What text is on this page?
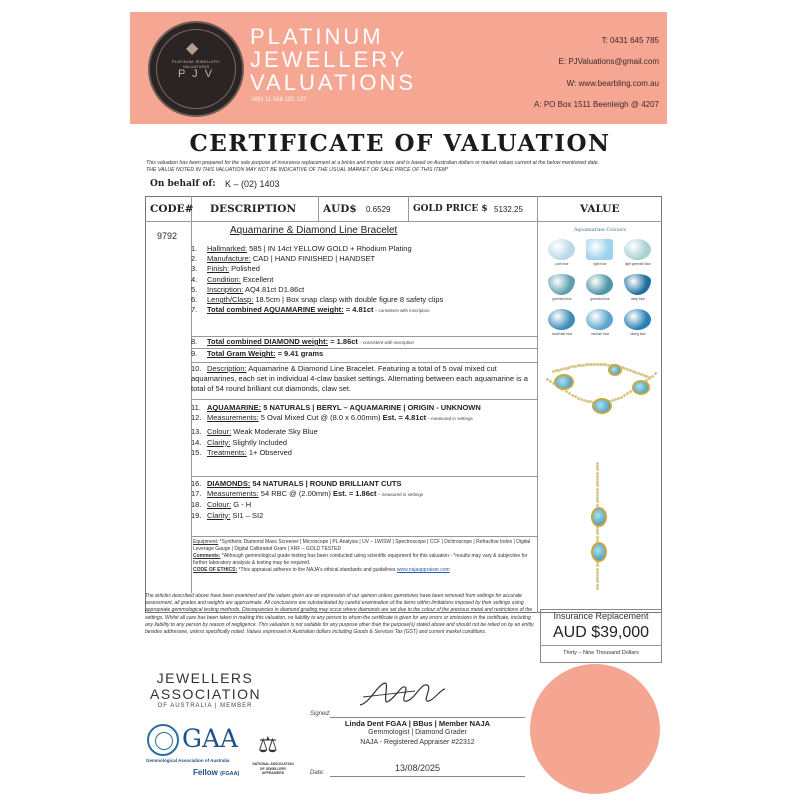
◆
PLATINUM JEWELLERY VALUATIONS
P J V
PLATINUM
JEWELLERY
VALUATIONS
ABN 11 588 192 137
T: 0431 645 785
E: PJValuations@gmail.com
W: www.bearbling.com.au
A: PO Box 1511 Beenleigh @ 4207
CERTIFICATE OF VALUATION
This valuation has been prepared for the sole purpose of insurance replacement at a bricks and mortar store and is based on Australian dollars or market values current at the below mentioned date.
THE VALUE NOTED IN THIS VALUATION MAY NOT BE INDICATIVE OF THE USUAL MARKET OR SALE PRICE OF THIS ITEM*
On behalf of: K – (02) 1403
CODE# DESCRIPTION	AUD$ 0.6529	GOLD PRICE $ 5132.25	VALUE
9792	Aquamarine & Diamond Line Bracelet
1. Hallmarked: 585 | IN 14ct YELLOW GOLD + Rhodium Plating
2. Manufacture: CAD | HAND FINISHED | HANDSET
3. Finish: Polished
4. Condition: Excellent
5. Inscription: AQ4.81ct D1.86ct
6. Length/Clasp: 18.5cm | Box snap clasp with double figure 8 safety clips
7. Total combined AQUAMARINE weight: = 4.81ct – consistent with inscription
8. Total combined DIAMOND weight: = 1.86ct – consistent with inscription
9. Total Gram Weight: = 9.41 grams
10. Description: Aquamarine & Diamond Line Bracelet. Featuring a total of 5 oval mixed cut aquamarines, each set in individual 4-claw basket settings. Alternating between each aquamarine is a total of 54 round brilliant cut diamonds, claw set.
11. AQUAMARINE: 5 NATURALS | BERYL – AQUAMARINE | ORIGIN - UNKNOWN
12. Measurements: 5 Oval Mixed Cut @ (8.0 x 6.00mm) Est. = 4.81ct – measured in settings
13. Colour: Weak Moderate Sky Blue
14. Clarity: Slightly Included
15. Treatments: 1+ Observed
16. DIAMONDS: 54 NATURALS | ROUND BRILLIANT CUTS
17. Measurements: 54 RBC @ (2.00mm) Est. = 1.86ct – measured in settings
18. Colour: G - H
19. Clarity: SI1 – SI2
Equipment: *Synthetic Diamond Mass Screener | Microscope | PL Analysis | UV – LW/SW | Spectroscope | CCF | Dichroscope | Refractive Index | Digital Leverage Gauge | Digital Calibrated Gram | XRF – GOLD TESTED
Comments: *Although gemmological grade testing has been conducted using scientific equipment for this valuation - *results may vary & subjective for further laboratory analysis & testing may be required.
CODE OF ETHICS: *This appraisal adheres to the NAJA's ethical standards and guidelines www.najaappraiser.com
Aquamarine Colours
pale blue	light blue	light greenish blue
greenish blue	greenish blue	deep blue
moderate blue	medium blue	strong blue
The articles described above have been examined and the values given are an expression of our opinion unless gemstones have been removed from settings for accurate assessment, all grades and weights are approximate. All conclusions are substantiated by careful examination of the items within limitations imposed by their settings using appropriate gemmological testing methods. Discrepancies in diamond grading may occur where diamonds are set due to the colour of the precious metal and restrictions of the settings. Whilst all care has been taken in making this valuation, no liability to any person to whom the certificate is given for any errors or omissions in the certificate, including any liability to any person by reason of negligence. This valuation is not suitable for any purpose other than the purpose(s) stated above and should not be relied on by an entity besides addressee, unless specifically noted. Values expressed in Australian dollars including Goods & Services Tax (GST) and current market conditions.
Insurance Replacement
AUD $39,000
Thirty – Nine Thousand Dollars
JEWELLERS
ASSOCIATION
OF AUSTRALIA | MEMBER
GAA
Gemmological Association of Australia
Fellow (FGAA)
⚖
NATIONAL ASSOCIATION OF JEWELLERY APPRAISERS
Signed:
Linda Dent FGAA | BBus | Member NAJA
Gemmologist | Diamond Grader
NAJA - Registered Appraiser #22312
Date:	13/08/2025
